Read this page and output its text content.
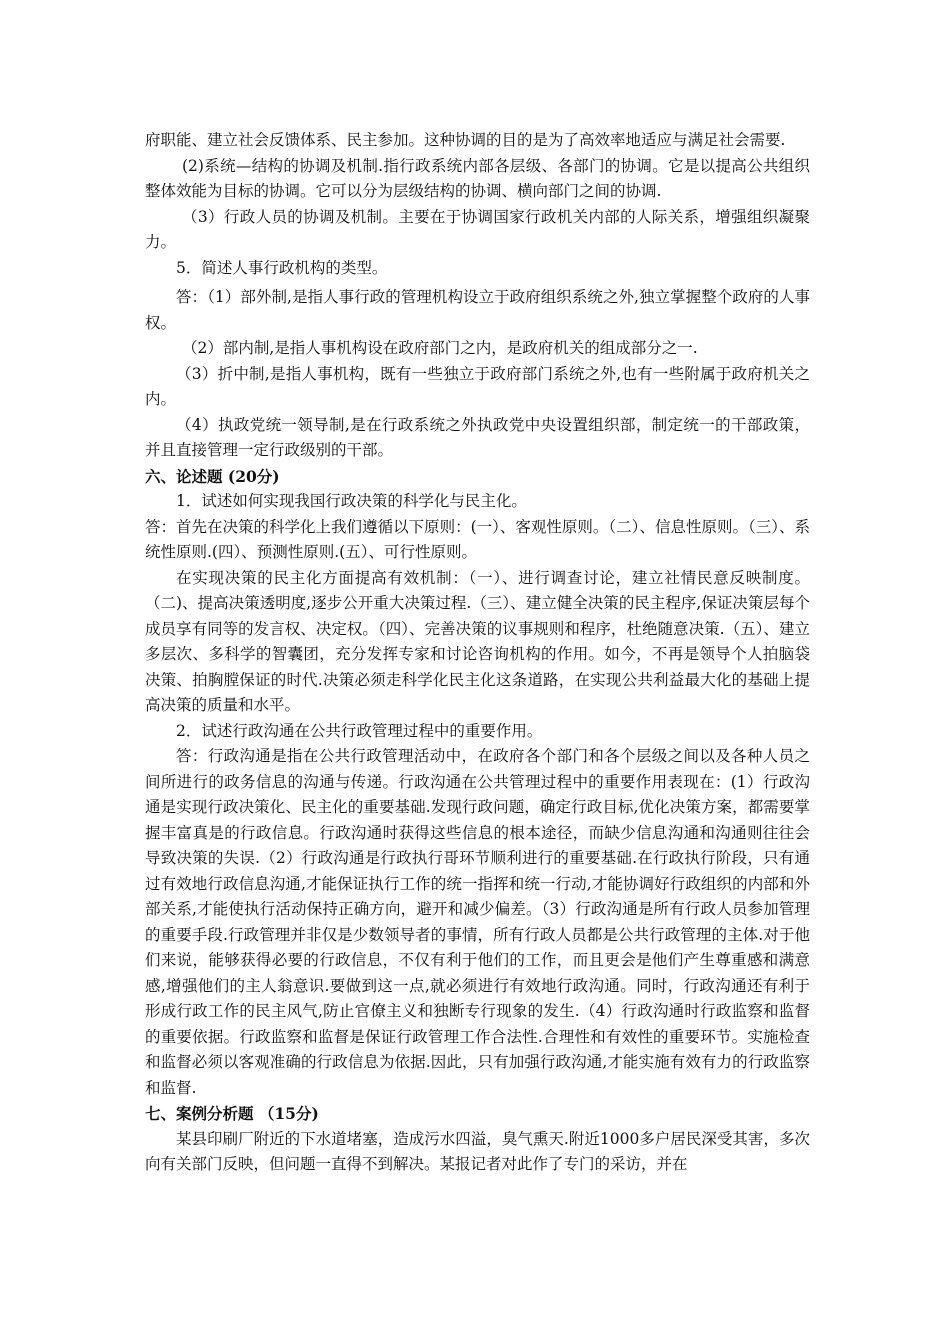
府职能、建立社会反馈体系、民主参加。这种协调的目的是为了高效率地适应与满足社会需要.

(2)系统—结构的协调及机制.指行政系统内部各层级、各部门的协调。它是以提高公共组织整体效能为目标的协调。它可以分为层级结构的协调、横向部门之间的协调.

（3）行政人员的协调及机制。主要在于协调国家行政机关内部的人际关系，增强组织凝聚力。

5．简述人事行政机构的类型。

答：（1）部外制,是指人事行政的管理机构设立于政府组织系统之外,独立掌握整个政府的人事权。

（2）部内制,是指人事机构设在政府部门之内，是政府机关的组成部分之一.

（3）折中制,是指人事机构，既有一些独立于政府部门系统之外,也有一些附属于政府机关之内。

（4）执政党统一领导制,是在行政系统之外执政党中央设置组织部，制定统一的干部政策，并且直接管理一定行政级别的干部。

六、论述题 (20分)

1．试述如何实现我国行政决策的科学化与民主化。

答：首先在决策的科学化上我们遵循以下原则：(一）、客观性原则。（二）、信息性原则。（三）、系统性原则.(四）、预测性原则.(五）、可行性原则。

在实现决策的民主化方面提高有效机制：（一）、进行调查讨论，建立社情民意反映制度。（二)、提高决策透明度,逐步公开重大决策过程.（三）、建立健全决策的民主程序,保证决策层每个成员享有同等的发言权、决定权。（四）、完善决策的议事规则和程序，杜绝随意决策.（五）、建立多层次、多科学的智囊团，充分发挥专家和讨论咨询机构的作用。如今，不再是领导个人拍脑袋决策、拍胸膛保证的时代.决策必须走科学化民主化这条道路，在实现公共利益最大化的基础上提高决策的质量和水平。

2．试述行政沟通在公共行政管理过程中的重要作用。

答：行政沟通是指在公共行政管理活动中，在政府各个部门和各个层级之间以及各种人员之间所进行的政务信息的沟通与传递。行政沟通在公共管理过程中的重要作用表现在：(1）行政沟通是实现行政决策化、民主化的重要基础.发现行政问题，确定行政目标,优化决策方案，都需要掌握丰富真是的行政信息。行政沟通时获得这些信息的根本途径，而缺少信息沟通和沟通则往往会导致决策的失误.（2）行政沟通是行政执行哥环节顺利进行的重要基础.在行政执行阶段，只有通过有效地行政信息沟通,才能保证执行工作的统一指挥和统一行动,才能协调好行政组织的内部和外部关系,才能使执行活动保持正确方向，避开和减少偏差。（3）行政沟通是所有行政人员参加管理的重要手段.行政管理并非仅是少数领导者的事情，所有行政人员都是公共行政管理的主体.对于他们来说，能够获得必要的行政信息，不仅有利于他们的工作，而且更会是他们产生尊重感和满意感,增强他们的主人翁意识.要做到这一点,就必须进行有效地行政沟通。同时，行政沟通还有利于形成行政工作的民主风气,防止官僚主义和独断专行现象的发生.（4）行政沟通时行政监察和监督的重要依据。行政监察和监督是保证行政管理工作合法性.合理性和有效性的重要环节。实施检查和监督必须以客观准确的行政信息为依据.因此，只有加强行政沟通,才能实施有效有力的行政监察和监督.

七、案例分析题 （15分)

某县印刷厂附近的下水道堵塞，造成污水四溢，臭气熏天.附近1000多户居民深受其害，多次向有关部门反映，但问题一直得不到解决。某报记者对此作了专门的采访，并在
